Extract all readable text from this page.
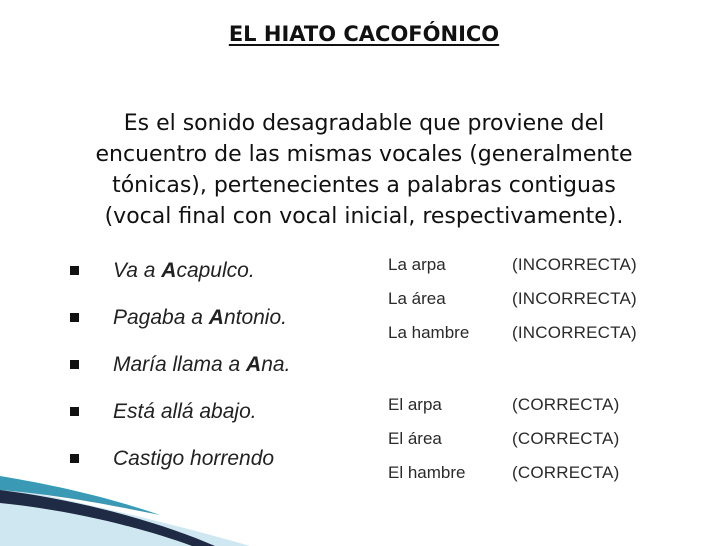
EL HIATO CACOFÓNICO
Es el sonido desagradable que proviene del
encuentro de las mismas vocales (generalmente
tónicas), pertenecientes a palabras contiguas
(vocal final con vocal inicial, respectivamente).
Va a Acapulco.
Pagaba a Antonio.
María llama a Ana.
Está allá abajo.
Castigo horrendo
La arpa	(INCORRECTA)
La área	(INCORRECTA)
La hambre	(INCORRECTA)
El arpa	(CORRECTA)
El área	(CORRECTA)
El hambre	(CORRECTA)
